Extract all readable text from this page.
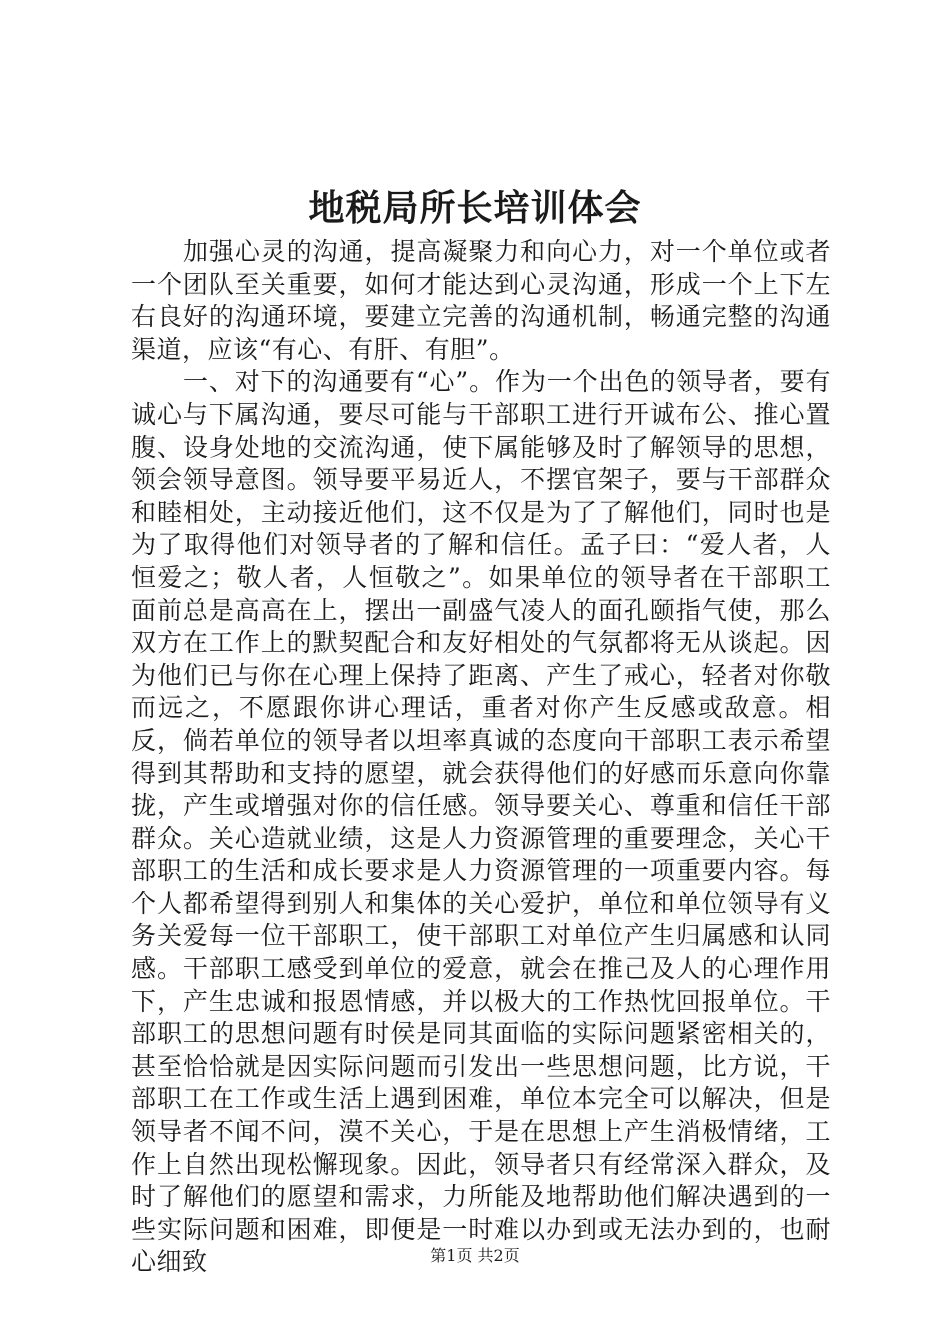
地税局所长培训体会

加强心灵的沟通，提高凝聚力和向心力，对一个单位或者一个团队至关重要，如何才能达到心灵沟通，形成一个上下左右良好的沟通环境，要建立完善的沟通机制，畅通完整的沟通渠道，应该“有心、有肝、有胆”。

一、对下的沟通要有“心”。作为一个出色的领导者，要有诚心与下属沟通，要尽可能与干部职工进行开诚布公、推心置腹、设身处地的交流沟通，使下属能够及时了解领导的思想，领会领导意图。领导要平易近人，不摆官架子，要与干部群众和睦相处，主动接近他们，这不仅是为了了解他们，同时也是为了取得他们对领导者的了解和信任。孟子曰：“爱人者，人恒爱之；敬人者，人恒敬之”。如果单位的领导者在干部职工面前总是高高在上，摆出一副盛气凌人的面孔颐指气使，那么双方在工作上的默契配合和友好相处的气氛都将无从谈起。因为他们已与你在心理上保持了距离、产生了戒心，轻者对你敬而远之，不愿跟你讲心理话，重者对你产生反感或敌意。相反，倘若单位的领导者以坦率真诚的态度向干部职工表示希望得到其帮助和支持的愿望，就会获得他们的好感而乐意向你靠拢，产生或增强对你的信任感。领导要关心、尊重和信任干部群众。关心造就业绩，这是人力资源管理的重要理念，关心干部职工的生活和成长要求是人力资源管理的一项重要内容。每个人都希望得到别人和集体的关心爱护，单位和单位领导有义务关爱每一位干部职工，使干部职工对单位产生归属感和认同感。干部职工感受到单位的爱意，就会在推己及人的心理作用下，产生忠诚和报恩情感，并以极大的工作热忱回报单位。干部职工的思想问题有时侯是同其面临的实际问题紧密相关的，甚至恰恰就是因实际问题而引发出一些思想问题，比方说，干部职工在工作或生活上遇到困难，单位本完全可以解决，但是领导者不闻不问，漠不关心，于是在思想上产生消极情绪，工作上自然出现松懈现象。因此，领导者只有经常深入群众，及时了解他们的愿望和需求，力所能及地帮助他们解决遇到的一些实际问题和困难，即便是一时难以办到或无法办到的，也耐心细致	第1页 共2页
